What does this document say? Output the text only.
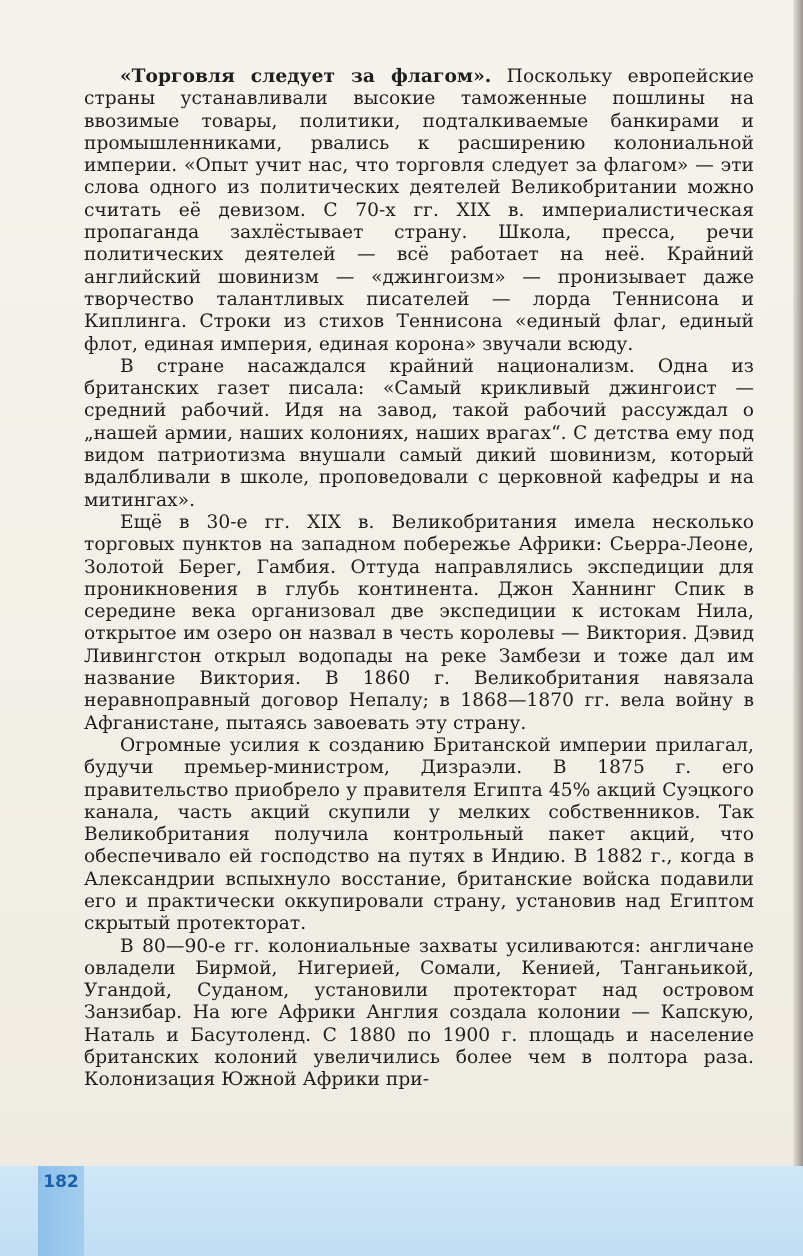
«Торговля следует за флагом». Поскольку европейские страны устанавливали высокие таможенные пошлины на ввозимые товары, политики, подталкиваемые банкирами и промышленниками, рвались к расширению колониальной империи. «Опыт учит нас, что торговля следует за флагом» — эти слова одного из политических деятелей Великобритании можно считать её девизом. С 70-х гг. XIX в. империалистическая пропаганда захлёстывает страну. Школа, пресса, речи политических деятелей — всё работает на неё. Крайний английский шовинизм — «джингоизм» — пронизывает даже творчество талантливых писателей — лорда Теннисона и Киплинга. Строки из стихов Теннисона «единый флаг, единый флот, единая империя, единая корона» звучали всюду.

В стране насаждался крайний национализм. Одна из британских газет писала: «Самый крикливый джингоист — средний рабочий. Идя на завод, такой рабочий рассуждал о „нашей армии, наших колониях, наших врагах“. С детства ему под видом патриотизма внушали самый дикий шовинизм, который вдалбливали в школе, проповедовали с церковной кафедры и на митингах».

Ещё в 30-е гг. XIX в. Великобритания имела несколько торговых пунктов на западном побережье Африки: Сьерра-Леоне, Золотой Берег, Гамбия. Оттуда направлялись экспедиции для проникновения в глубь континента. Джон Ханнинг Спик в середине века организовал две экспедиции к истокам Нила, открытое им озеро он назвал в честь королевы — Виктория. Дэвид Ливингстон открыл водопады на реке Замбези и тоже дал им название Виктория. В 1860 г. Великобритания навязала неравноправный договор Непалу; в 1868—1870 гг. вела войну в Афганистане, пытаясь завоевать эту страну.

Огромные усилия к созданию Британской империи прилагал, будучи премьер-министром, Дизраэли. В 1875 г. его правительство приобрело у правителя Египта 45% акций Суэцкого канала, часть акций скупили у мелких собственников. Так Великобритания получила контрольный пакет акций, что обеспечивало ей господство на путях в Индию. В 1882 г., когда в Александрии вспыхнуло восстание, британские войска подавили его и практически оккупировали страну, установив над Египтом скрытый протекторат.

В 80—90-е гг. колониальные захваты усиливаются: англичане овладели Бирмой, Нигерией, Сомали, Кенией, Танганьикой, Угандой, Суданом, установили протекторат над островом Занзибар. На юге Африки Англия создала колонии — Капскую, Наталь и Басутоленд. С 1880 по 1900 г. площадь и население британских колоний увеличились более чем в полтора раза. Колонизация Южной Африки при-

182
